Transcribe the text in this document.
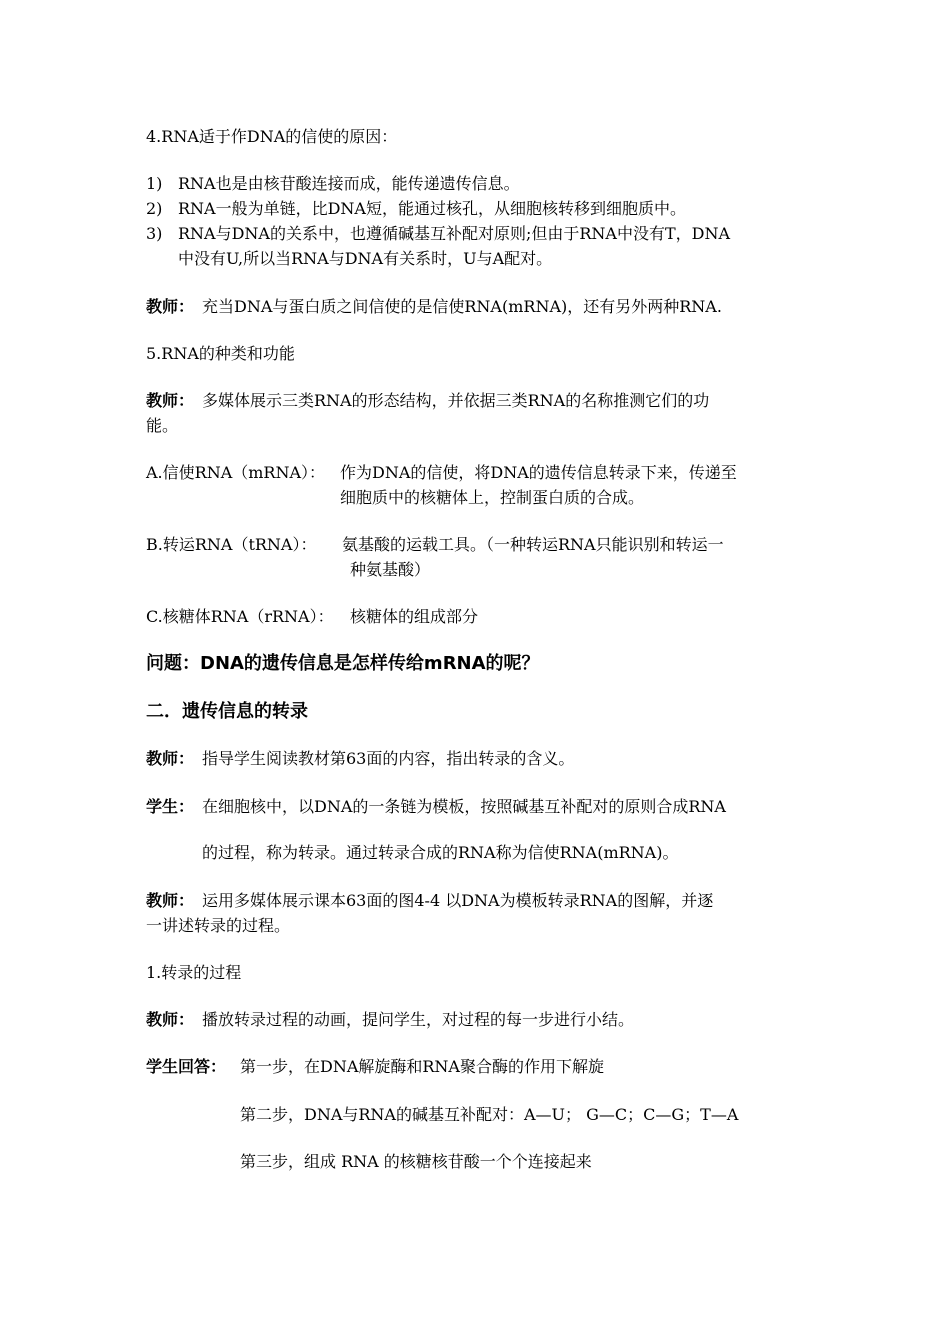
4.RNA适于作DNA的信使的原因：
1) RNA也是由核苷酸连接而成，能传递遗传信息。
2) RNA一般为单链，比DNA短，能通过核孔，从细胞核转移到细胞质中。
3) RNA与DNA的关系中，也遵循碱基互补配对原则;但由于RNA中没有T，DNA
中没有U,所以当RNA与DNA有关系时，U与A配对。
教师： 充当DNA与蛋白质之间信使的是信使RNA(mRNA)，还有另外两种RNA.
5.RNA的种类和功能
教师： 多媒体展示三类RNA的形态结构，并依据三类RNA的名称推测它们的功
能。
A.信使RNA（mRNA）： 作为DNA的信使，将DNA的遗传信息转录下来，传递至
细胞质中的核糖体上，控制蛋白质的合成。
B.转运RNA（tRNA）： 氨基酸的运载工具。（一种转运RNA只能识别和转运一
种氨基酸）
C.核糖体RNA（rRNA）： 核糖体的组成部分
问题：DNA的遗传信息是怎样传给mRNA的呢？
二．遗传信息的转录
教师： 指导学生阅读教材第63面的内容，指出转录的含义。
学生： 在细胞核中，以DNA的一条链为模板，按照碱基互补配对的原则合成RNA
的过程，称为转录。通过转录合成的RNA称为信使RNA(mRNA)。
教师： 运用多媒体展示课本63面的图4-4 以DNA为模板转录RNA的图解，并逐
一讲述转录的过程。
1.转录的过程
教师： 播放转录过程的动画，提问学生，对过程的每一步进行小结。
学生回答： 第一步，在DNA解旋酶和RNA聚合酶的作用下解旋
第二步，DNA与RNA的碱基互补配对：A—U； G—C；C—G；T—A
第三步，组成 RNA 的核糖核苷酸一个个连接起来
